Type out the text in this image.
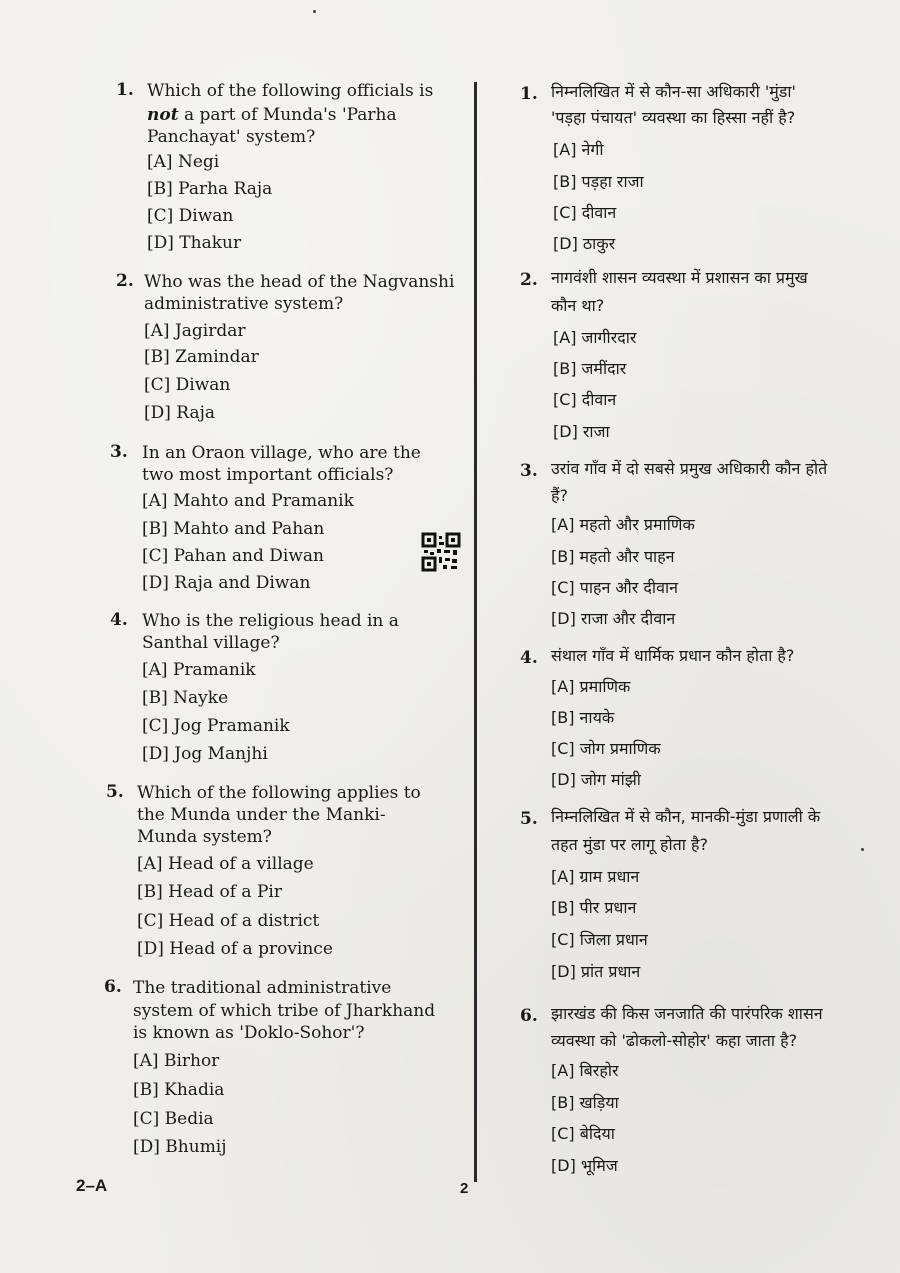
2–A	2
1. Which of the following officials is
not a part of Munda's 'Parha
Panchayat' system?
[A] Negi
[B] Parha Raja
[C] Diwan
[D] Thakur
2. Who was the head of the Nagvanshi
administrative system?
[A] Jagirdar
[B] Zamindar
[C] Diwan
[D] Raja
3. In an Oraon village, who are the
two most important officials?
[A] Mahto and Pramanik
[B] Mahto and Pahan
[C] Pahan and Diwan
[D] Raja and Diwan
4. Who is the religious head in a
Santhal village?
[A] Pramanik
[B] Nayke
[C] Jog Pramanik
[D] Jog Manjhi
5. Which of the following applies to
the Munda under the Manki-
Munda system?
[A] Head of a village
[B] Head of a Pir
[C] Head of a district
[D] Head of a province
6. The traditional administrative
system of which tribe of Jharkhand
is known as 'Doklo-Sohor'?
[A] Birhor
[B] Khadia
[C] Bedia
[D] Bhumij
1. निम्नलिखित में से कौन-सा अधिकारी 'मुंडा'
'पड़हा पंचायत' व्यवस्था का हिस्सा नहीं है?
[A] नेगी
[B] पड़हा राजा
[C] दीवान
[D] ठाकुर
2. नागवंशी शासन व्यवस्था में प्रशासन का प्रमुख
कौन था?
[A] जागीरदार
[B] जमींदार
[C] दीवान
[D] राजा
3. उरांव गाँव में दो सबसे प्रमुख अधिकारी कौन होते
हैं?
[A] महतो और प्रमाणिक
[B] महतो और पाहन
[C] पाहन और दीवान
[D] राजा और दीवान
4. संथाल गाँव में धार्मिक प्रधान कौन होता है?
[A] प्रमाणिक
[B] नायके
[C] जोग प्रमाणिक
[D] जोग मांझी
5. निम्नलिखित में से कौन, मानकी-मुंडा प्रणाली के
तहत मुंडा पर लागू होता है?
[A] ग्राम प्रधान
[B] पीर प्रधान
[C] जिला प्रधान
[D] प्रांत प्रधान
6. झारखंड की किस जनजाति की पारंपरिक शासन
व्यवस्था को 'ढोकलो-सोहोर' कहा जाता है?
[A] बिरहोर
[B] खड़िया
[C] बेदिया
[D] भूमिज
